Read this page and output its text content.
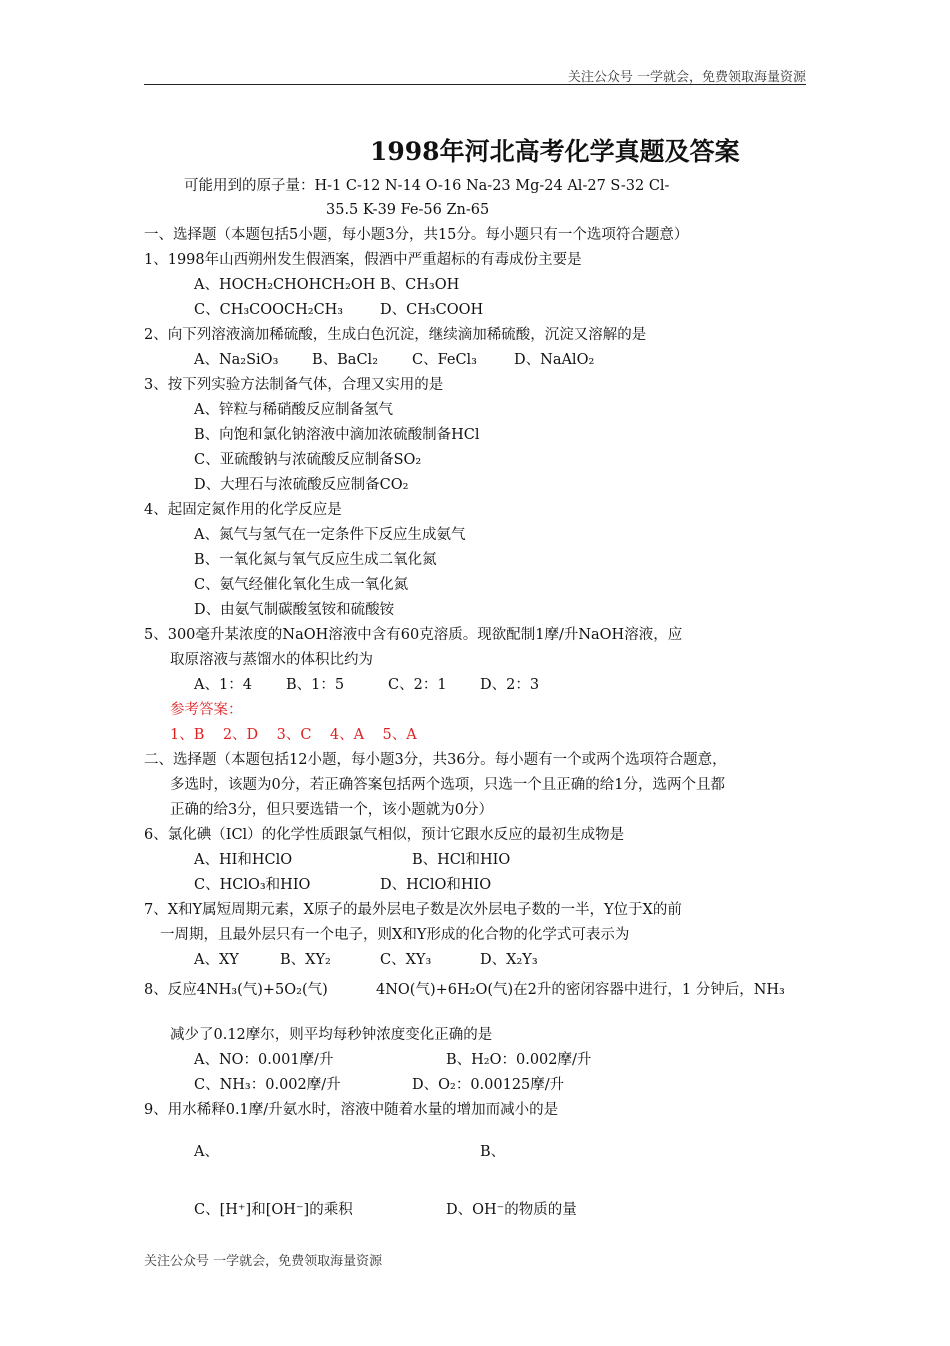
关注公众号 一学就会，免费领取海量资源
1998年河北高考化学真题及答案
可能用到的原子量：H-1 C-12 N-14 O-16 Na-23 Mg-24 Al-27 S-32 Cl-
35.5 K-39 Fe-56 Zn-65
一、选择题（本题包括5小题，每小题3分，共15分。每小题只有一个选项符合题意）
1、1998年山西朔州发生假酒案，假酒中严重超标的有毒成份主要是
A、HOCH₂CHOHCH₂OH B、CH₃OH
C、CH₃COOCH₂CH₃	D、CH₃COOH
2、向下列溶液滴加稀硫酸，生成白色沉淀，继续滴加稀硫酸，沉淀又溶解的是
A、Na₂SiO₃ B、BaCl₂ C、FeCl₃	D、NaAlO₂
3、按下列实验方法制备气体，合理又实用的是
A、锌粒与稀硝酸反应制备氢气
B、向饱和氯化钠溶液中滴加浓硫酸制备HCl
C、亚硫酸钠与浓硫酸反应制备SO₂
D、大理石与浓硫酸反应制备CO₂
4、起固定氮作用的化学反应是
A、氮气与氢气在一定条件下反应生成氨气
B、一氧化氮与氧气反应生成二氧化氮
C、氨气经催化氧化生成一氧化氮
D、由氨气制碳酸氢铵和硫酸铵
5、300毫升某浓度的NaOH溶液中含有60克溶质。现欲配制1摩/升NaOH溶液，应
取原溶液与蒸馏水的体积比约为
A、1：4 B、1：5	C、2：1 D、2：3
参考答案：
1、B    2、D    3、C    4、A    5、A
二、选择题（本题包括12小题，每小题3分，共36分。每小题有一个或两个选项符合题意，
多选时，该题为0分，若正确答案包括两个选项，只选一个且正确的给1分，选两个且都
正确的给3分，但只要选错一个，该小题就为0分）
6、氯化碘（ICl）的化学性质跟氯气相似，预计它跟水反应的最初生成物是
A、HI和HClO	B、HCl和HIO
C、HClO₃和HIO	D、HClO和HIO
7、X和Y属短周期元素，X原子的最外层电子数是次外层电子数的一半，Y位于X的前
一周期，且最外层只有一个电子，则X和Y形成的化合物的化学式可表示为
A、XY	B、XY₂	C、XY₃	D、X₂Y₃
8、反应4NH₃(气)+5O₂(气)	4NO(气)+6H₂O(气)在2升的密闭容器中进行，1 分钟后，NH₃
减少了0.12摩尔，则平均每秒钟浓度变化正确的是
A、NO：0.001摩/升	B、H₂O：0.002摩/升
C、NH₃：0.002摩/升	D、O₂：0.00125摩/升
9、用水稀释0.1摩/升氨水时，溶液中随着水量的增加而减小的是
A、	B、
C、[H⁺]和[OH⁻]的乘积	D、OH⁻的物质的量
关注公众号 一学就会，免费领取海量资源
